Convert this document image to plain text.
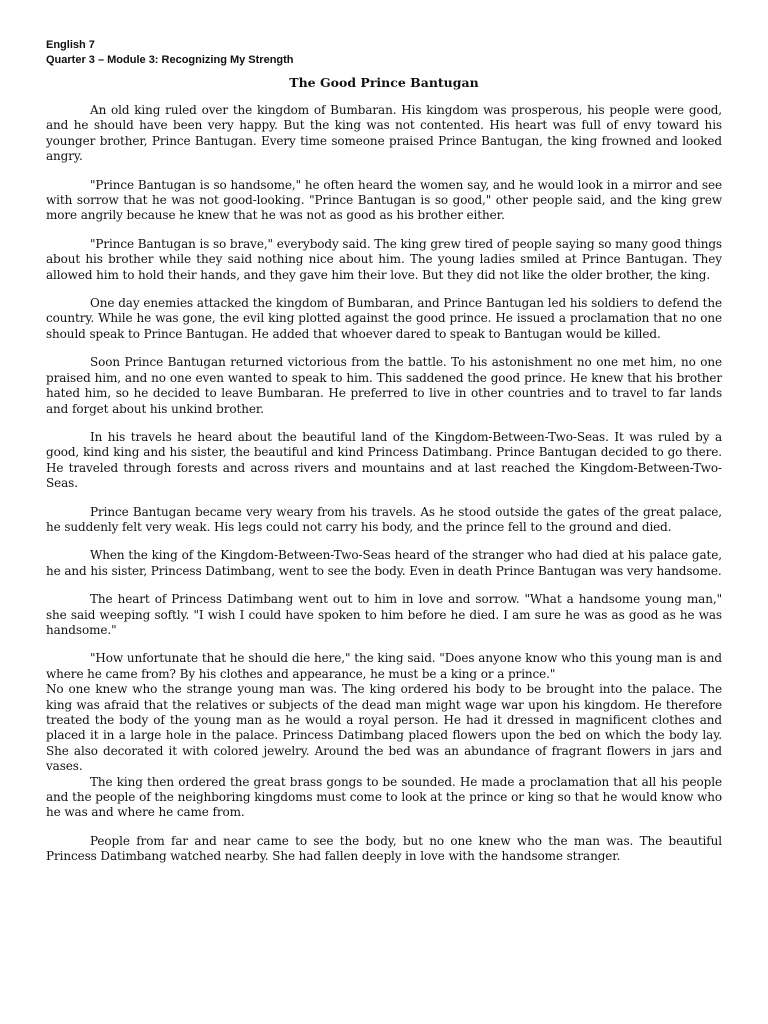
English 7

Quarter 3 – Module 3: Recognizing My Strength

The Good Prince Bantugan

An old king ruled over the kingdom of Bumbaran. His kingdom was prosperous, his people were good, and he should have been very happy. But the king was not contented. His heart was full of envy toward his younger brother, Prince Bantugan. Every time someone praised Prince Bantugan, the king frowned and looked angry.

"Prince Bantugan is so handsome," he often heard the women say, and he would look in a mirror and see with sorrow that he was not good-looking. "Prince Bantugan is so good," other people said, and the king grew more angrily because he knew that he was not as good as his brother either.

"Prince Bantugan is so brave," everybody said. The king grew tired of people saying so many good things about his brother while they said nothing nice about him. The young ladies smiled at Prince Bantugan. They allowed him to hold their hands, and they gave him their love. But they did not like the older brother, the king.

One day enemies attacked the kingdom of Bumbaran, and Prince Bantugan led his soldiers to defend the country. While he was gone, the evil king plotted against the good prince. He issued a proclamation that no one should speak to Prince Bantugan. He added that whoever dared to speak to Bantugan would be killed.

Soon Prince Bantugan returned victorious from the battle. To his astonishment no one met him, no one praised him, and no one even wanted to speak to him. This saddened the good prince. He knew that his brother hated him, so he decided to leave Bumbaran. He preferred to live in other countries and to travel to far lands and forget about his unkind brother.

In his travels he heard about the beautiful land of the Kingdom-Between-Two-Seas. It was ruled by a good, kind king and his sister, the beautiful and kind Princess Datimbang. Prince Bantugan decided to go there. He traveled through forests and across rivers and mountains and at last reached the Kingdom-Between-Two-Seas.

Prince Bantugan became very weary from his travels. As he stood outside the gates of the great palace, he suddenly felt very weak. His legs could not carry his body, and the prince fell to the ground and died.

When the king of the Kingdom-Between-Two-Seas heard of the stranger who had died at his palace gate, he and his sister, Princess Datimbang, went to see the body. Even in death Prince Bantugan was very handsome.

The heart of Princess Datimbang went out to him in love and sorrow. "What a handsome young man," she said weeping softly. "I wish I could have spoken to him before he died. I am sure he was as good as he was handsome."

"How unfortunate that he should die here," the king said. "Does anyone know who this young man is and where he came from? By his clothes and appearance, he must be a king or a prince."

No one knew who the strange young man was. The king ordered his body to be brought into the palace. The king was afraid that the relatives or subjects of the dead man might wage war upon his kingdom. He therefore treated the body of the young man as he would a royal person. He had it dressed in magnificent clothes and placed it in a large hole in the palace. Princess Datimbang placed flowers upon the bed on which the body lay. She also decorated it with colored jewelry. Around the bed was an abundance of fragrant flowers in jars and vases.

The king then ordered the great brass gongs to be sounded. He made a proclamation that all his people and the people of the neighboring kingdoms must come to look at the prince or king so that he would know who he was and where he came from.

People from far and near came to see the body, but no one knew who the man was. The beautiful Princess Datimbang watched nearby. She had fallen deeply in love with the handsome stranger.
